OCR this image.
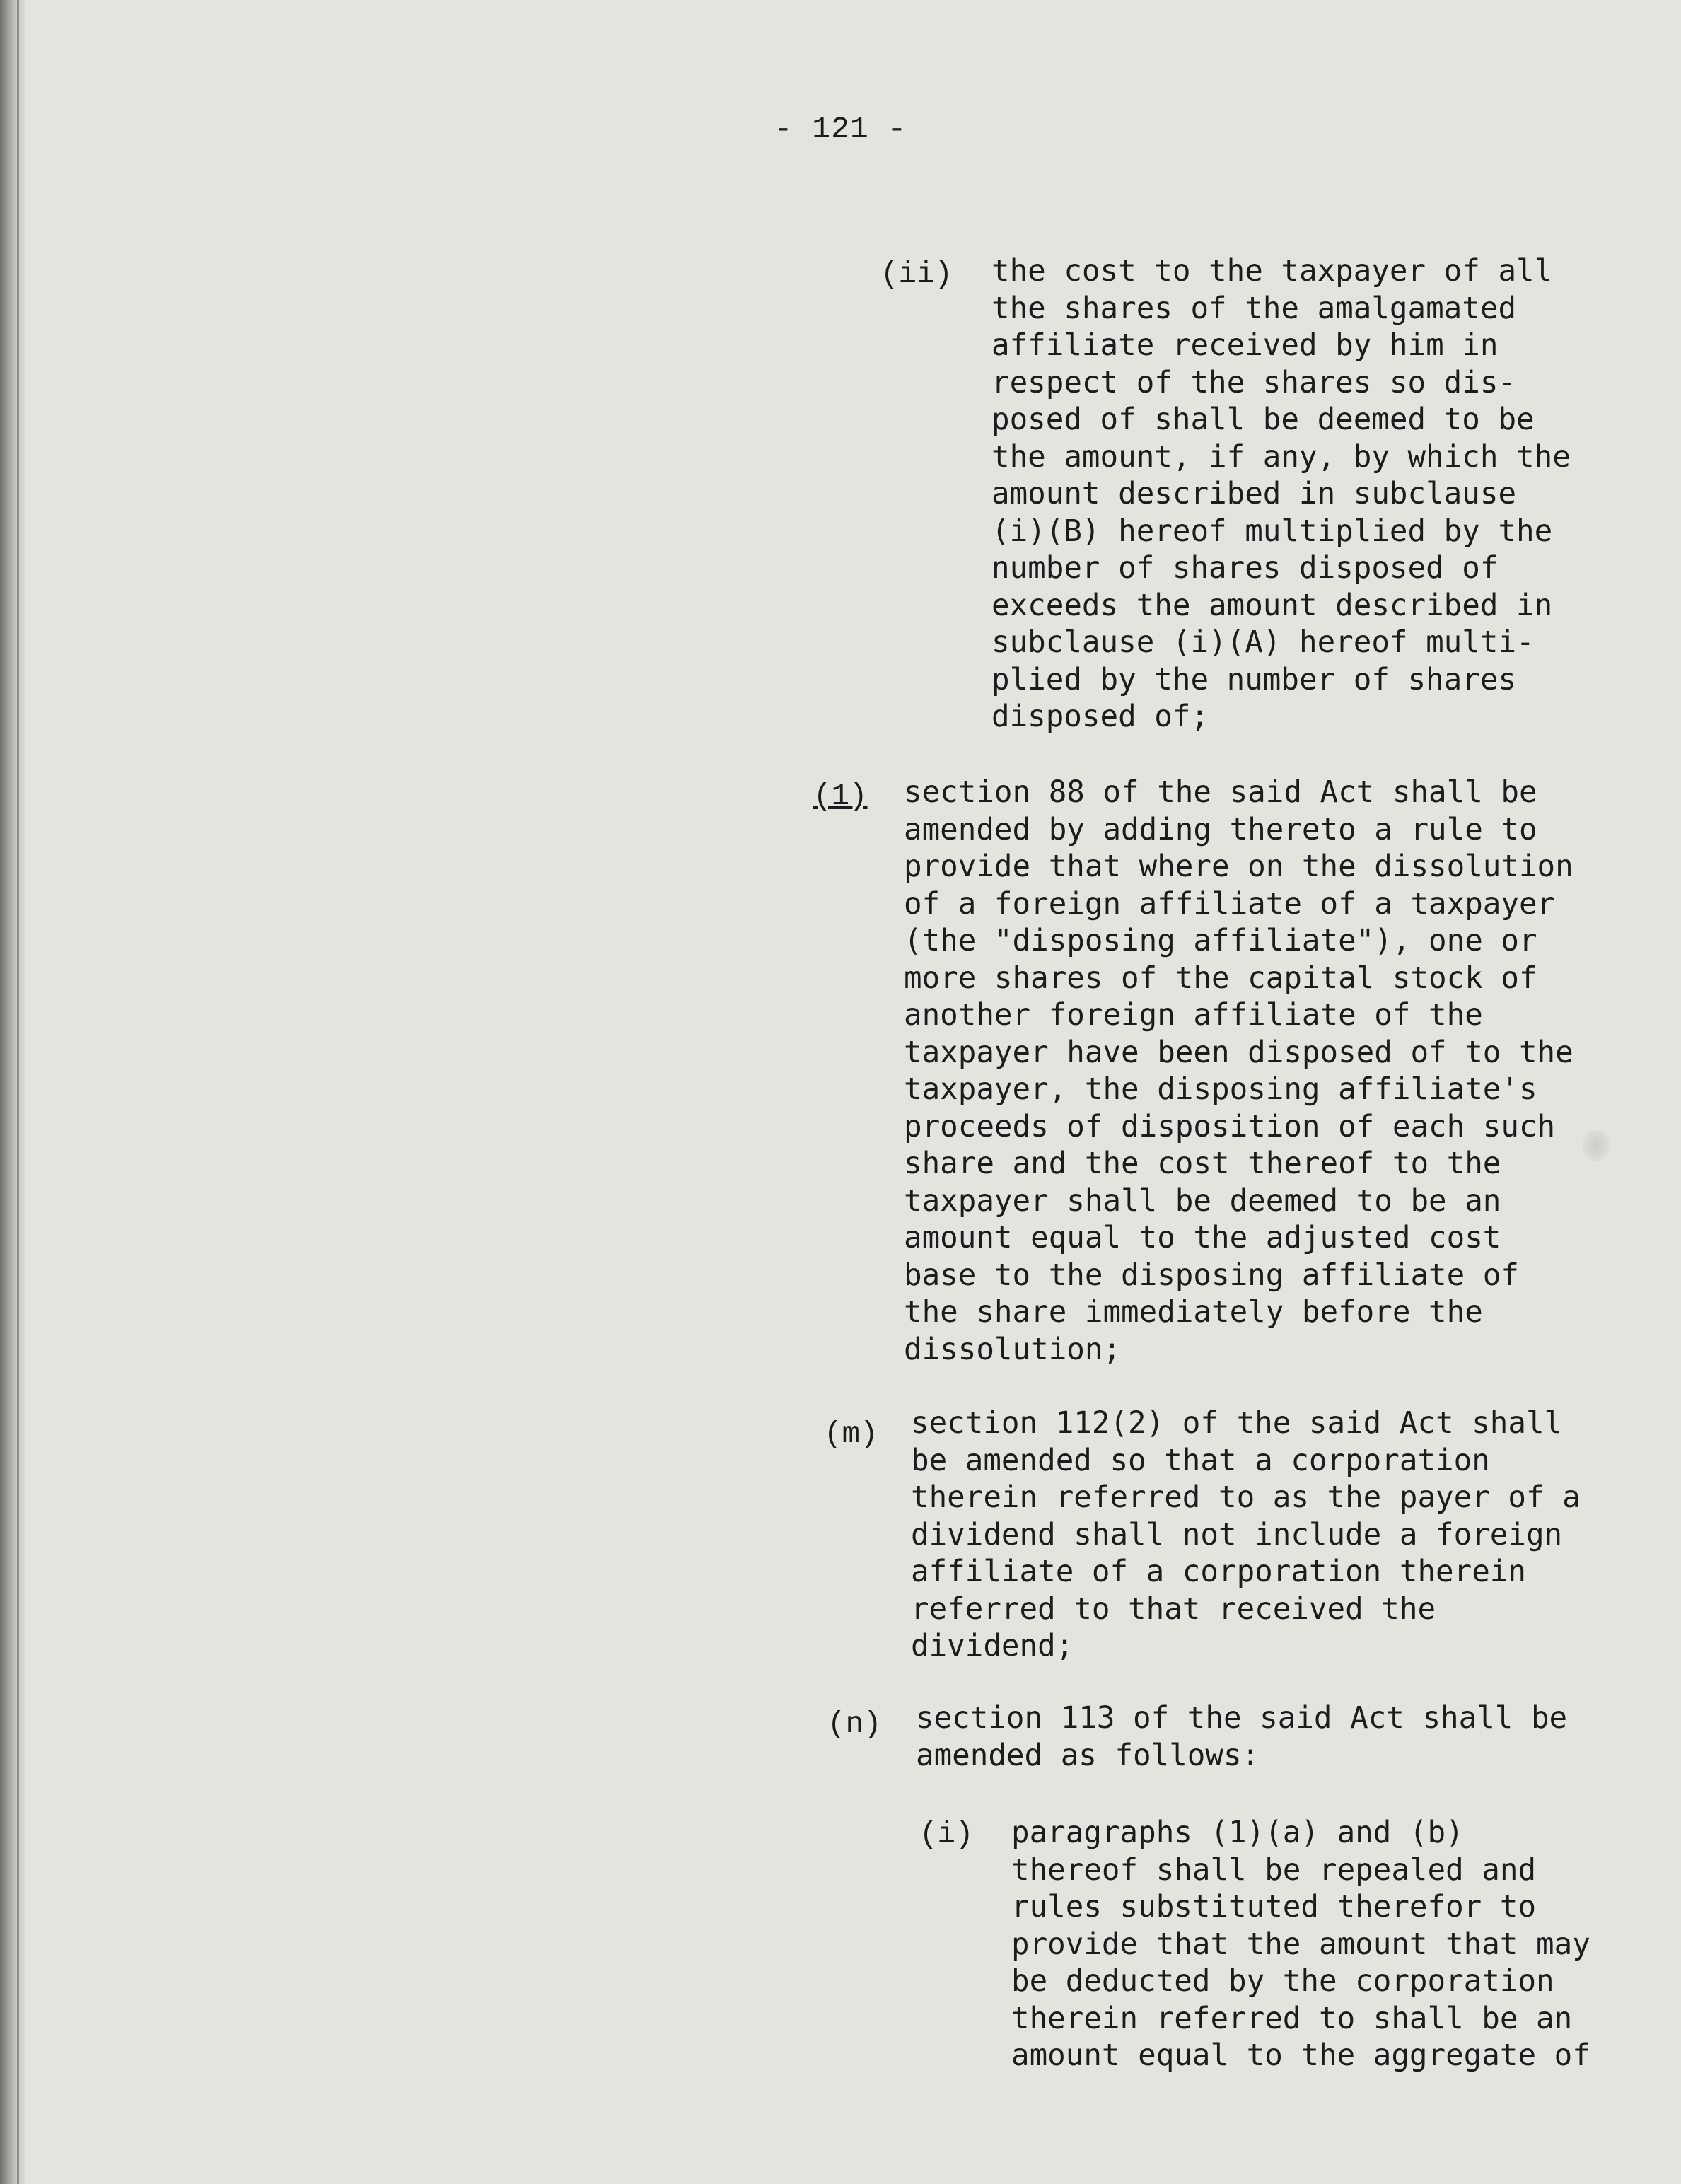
- 121 -
(ii) the cost to the taxpayer of all
the shares of the amalgamated
affiliate received by him in
respect of the shares so dis-
posed of shall be deemed to be
the amount, if any, by which the
amount described in subclause
(i)(B) hereof multiplied by the
number of shares disposed of
exceeds the amount described in
subclause (i)(A) hereof multi-
plied by the number of shares
disposed of;
(1) section 88 of the said Act shall be
amended by adding thereto a rule to
provide that where on the dissolution
of a foreign affiliate of a taxpayer
(the "disposing affiliate"), one or
more shares of the capital stock of
another foreign affiliate of the
taxpayer have been disposed of to the
taxpayer, the disposing affiliate's
proceeds of disposition of each such
share and the cost thereof to the
taxpayer shall be deemed to be an
amount equal to the adjusted cost
base to the disposing affiliate of
the share immediately before the
dissolution;
(m) section 112(2) of the said Act shall
be amended so that a corporation
therein referred to as the payer of a
dividend shall not include a foreign
affiliate of a corporation therein
referred to that received the
dividend;
(n) section 113 of the said Act shall be
amended as follows:
(i) paragraphs (1)(a) and (b)
thereof shall be repealed and
rules substituted therefor to
provide that the amount that may
be deducted by the corporation
therein referred to shall be an
amount equal to the aggregate of
